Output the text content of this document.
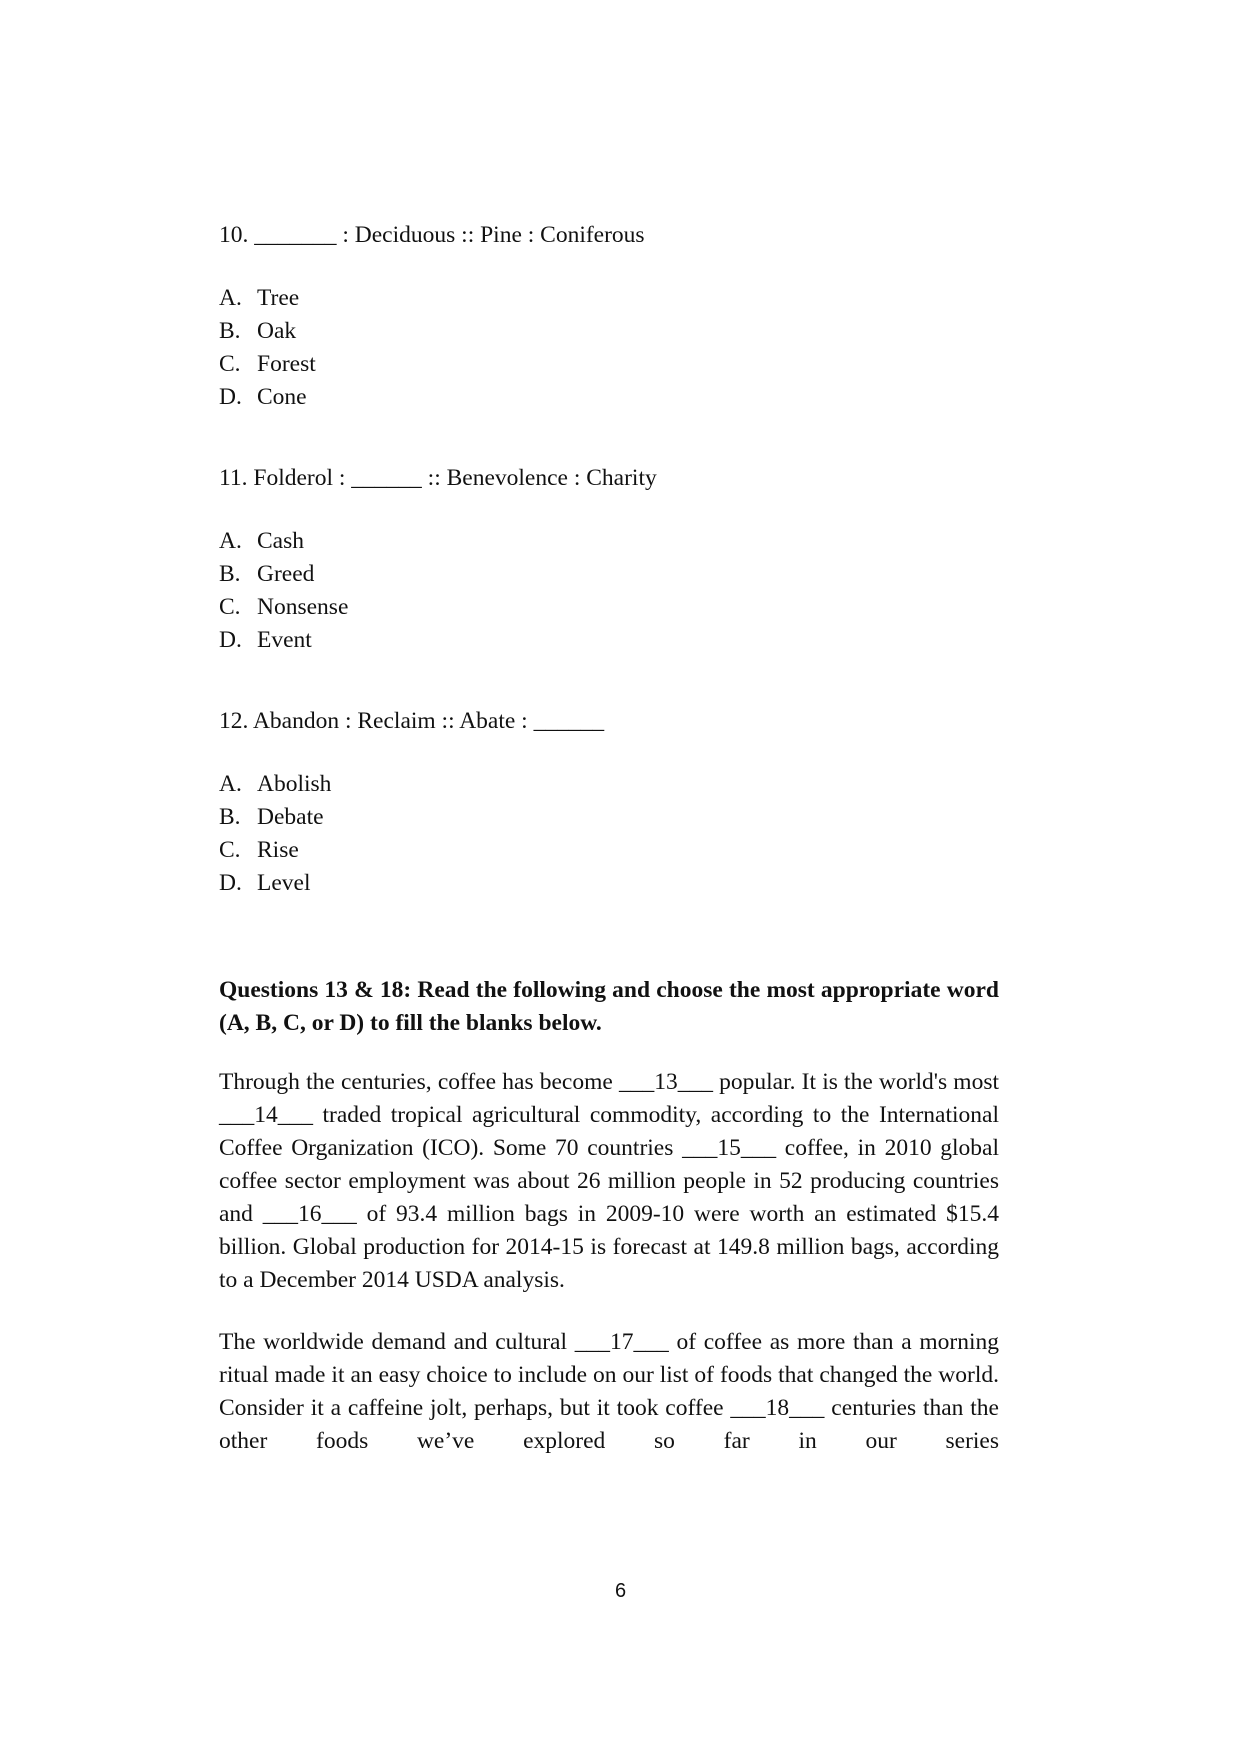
10. _______ : Deciduous :: Pine : Coniferous

A. Tree
B. Oak
C. Forest
D. Cone

11. Folderol : ______ :: Benevolence : Charity

A. Cash
B. Greed
C. Nonsense
D. Event

12. Abandon : Reclaim :: Abate : ______

A. Abolish
B. Debate
C. Rise
D. Level

Questions 13 & 18: Read the following and choose the most appropriate word (A, B, C, or D) to fill the blanks below.

Through the centuries, coffee has become ___13___ popular. It is the world's most ___14___ traded tropical agricultural commodity, according to the International Coffee Organization (ICO). Some 70 countries ___15___ coffee, in 2010 global coffee sector employment was about 26 million people in 52 producing countries and ___16___ of 93.4 million bags in 2009-10 were worth an estimated $15.4 billion. Global production for 2014-15 is forecast at 149.8 million bags, according to a December 2014 USDA analysis.

The worldwide demand and cultural ___17___ of coffee as more than a morning ritual made it an easy choice to include on our list of foods that changed the world. Consider it a caffeine jolt, perhaps, but it took coffee ___18___ centuries than the other foods we’ve explored so far in our series

6
